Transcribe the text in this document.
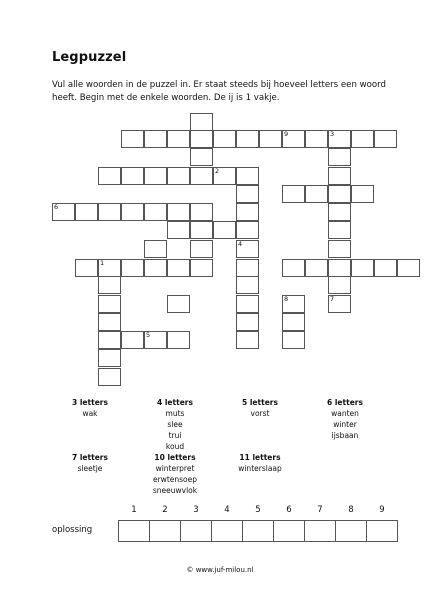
Legpuzzel
Vul alle woorden in de puzzel in. Er staat steeds bij hoeveel letters een woord heeft. Begin met de enkele woorden. De ij is 1 vakje.
1
2
3
4
5
6
7
8
9
3 letters
wak
4 letters
muts
slee
trui
koud
5 letters
vorst
6 letters
wanten
winter
ijsbaan
7 letters
sleetje
10 letters
winterpret
erwtensoep
sneeuwvlok
11 letters
winterslaap
oplossing
1	2	3	4	5	6	7	8	9
© www.juf-milou.nl
